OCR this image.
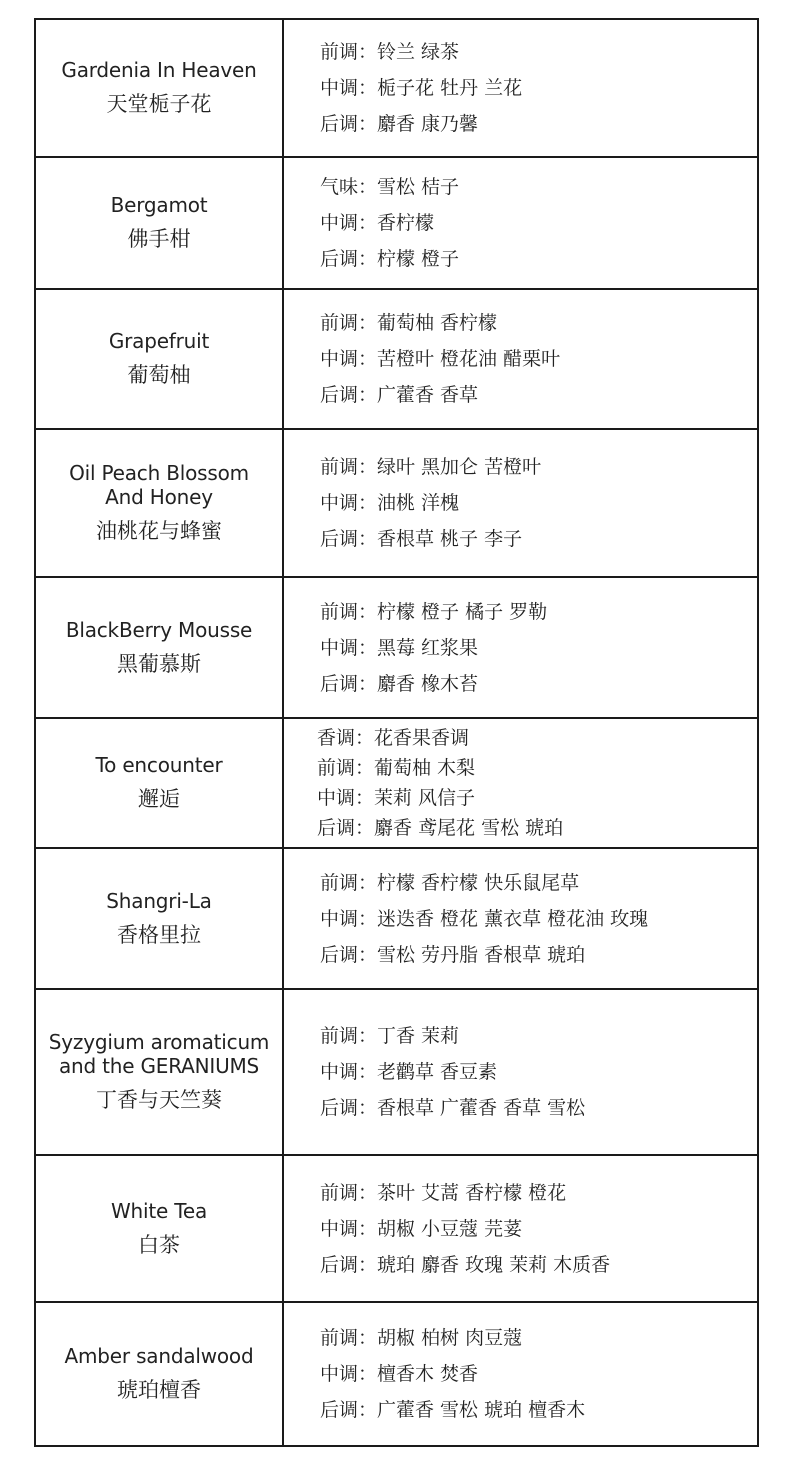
Gardenia In Heaven
天堂栀子花
前调：铃兰 绿茶
中调：栀子花 牡丹 兰花
后调：麝香 康乃馨
Bergamot
佛手柑
气味：雪松 桔子
中调：香柠檬
后调：柠檬 橙子
Grapefruit
葡萄柚
前调：葡萄柚 香柠檬
中调：苦橙叶 橙花油 醋栗叶
后调：广藿香 香草
Oil Peach Blossom
And Honey
油桃花与蜂蜜
前调：绿叶 黑加仑 苦橙叶
中调：油桃 洋槐
后调：香根草 桃子 李子
BlackBerry Mousse
黑葡慕斯
前调：柠檬 橙子 橘子 罗勒
中调：黑莓 红浆果
后调：麝香 橡木苔
To encounter
邂逅
香调：花香果香调
前调：葡萄柚 木梨
中调：茉莉 风信子
后调：麝香 鸢尾花 雪松 琥珀
Shangri-La
香格里拉
前调：柠檬 香柠檬 快乐鼠尾草
中调：迷迭香 橙花 薰衣草 橙花油 玫瑰
后调：雪松 劳丹脂 香根草 琥珀
Syzygium aromaticum
and the GERANIUMS
丁香与天竺葵
前调：丁香 茉莉
中调：老鹳草 香豆素
后调：香根草 广藿香 香草 雪松
White Tea
白茶
前调：茶叶 艾蒿 香柠檬 橙花
中调：胡椒 小豆蔻 芫荽
后调：琥珀 麝香 玫瑰 茉莉 木质香
Amber sandalwood
琥珀檀香
前调：胡椒 柏树 肉豆蔻
中调：檀香木 焚香
后调：广藿香 雪松 琥珀 檀香木
